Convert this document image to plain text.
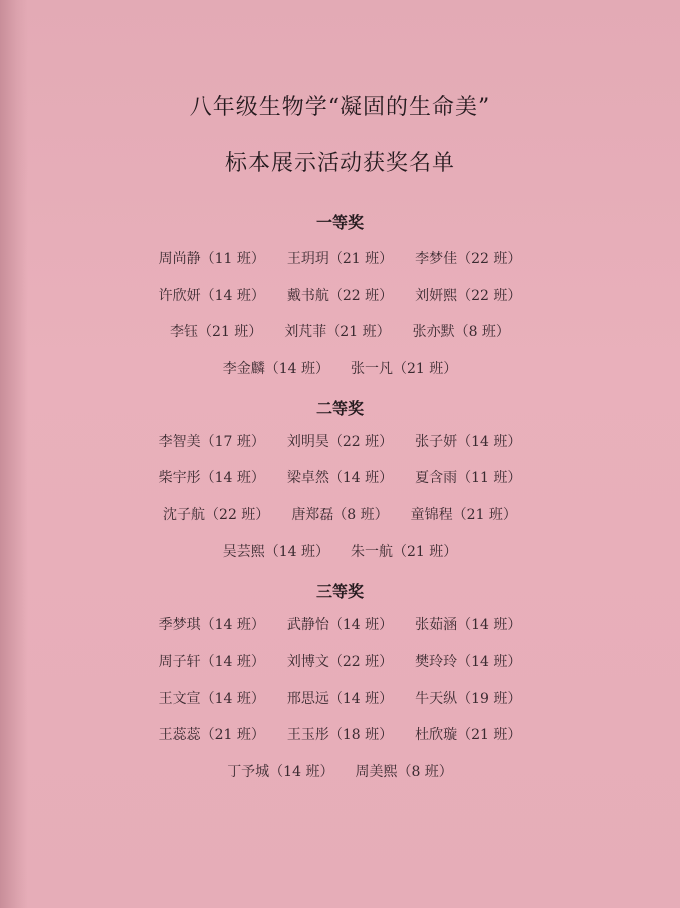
八年级生物学“凝固的生命美”
标本展示活动获奖名单
一等奖
周尚静（11 班） 王玥玥（21 班） 李梦佳（22 班）
许欣妍（14 班） 戴书航（22 班） 刘妍熙（22 班）
李钰（21 班） 刘芃菲（21 班） 张亦默（8 班）
李金麟（14 班） 张一凡（21 班）
二等奖
李智美（17 班） 刘明昊（22 班） 张子妍（14 班）
柴宇彤（14 班） 梁卓然（14 班） 夏含雨（11 班）
沈子航（22 班） 唐郑磊（8 班） 童锦程（21 班）
吴芸熙（14 班） 朱一航（21 班）
三等奖
季梦琪（14 班） 武静怡（14 班） 张茹涵（14 班）
周子轩（14 班） 刘博文（22 班） 樊玲玲（14 班）
王文宣（14 班） 邢思远（14 班） 牛天纵（19 班）
王蕊蕊（21 班） 王玉彤（18 班） 杜欣璇（21 班）
丁予城（14 班） 周美熙（8 班）
